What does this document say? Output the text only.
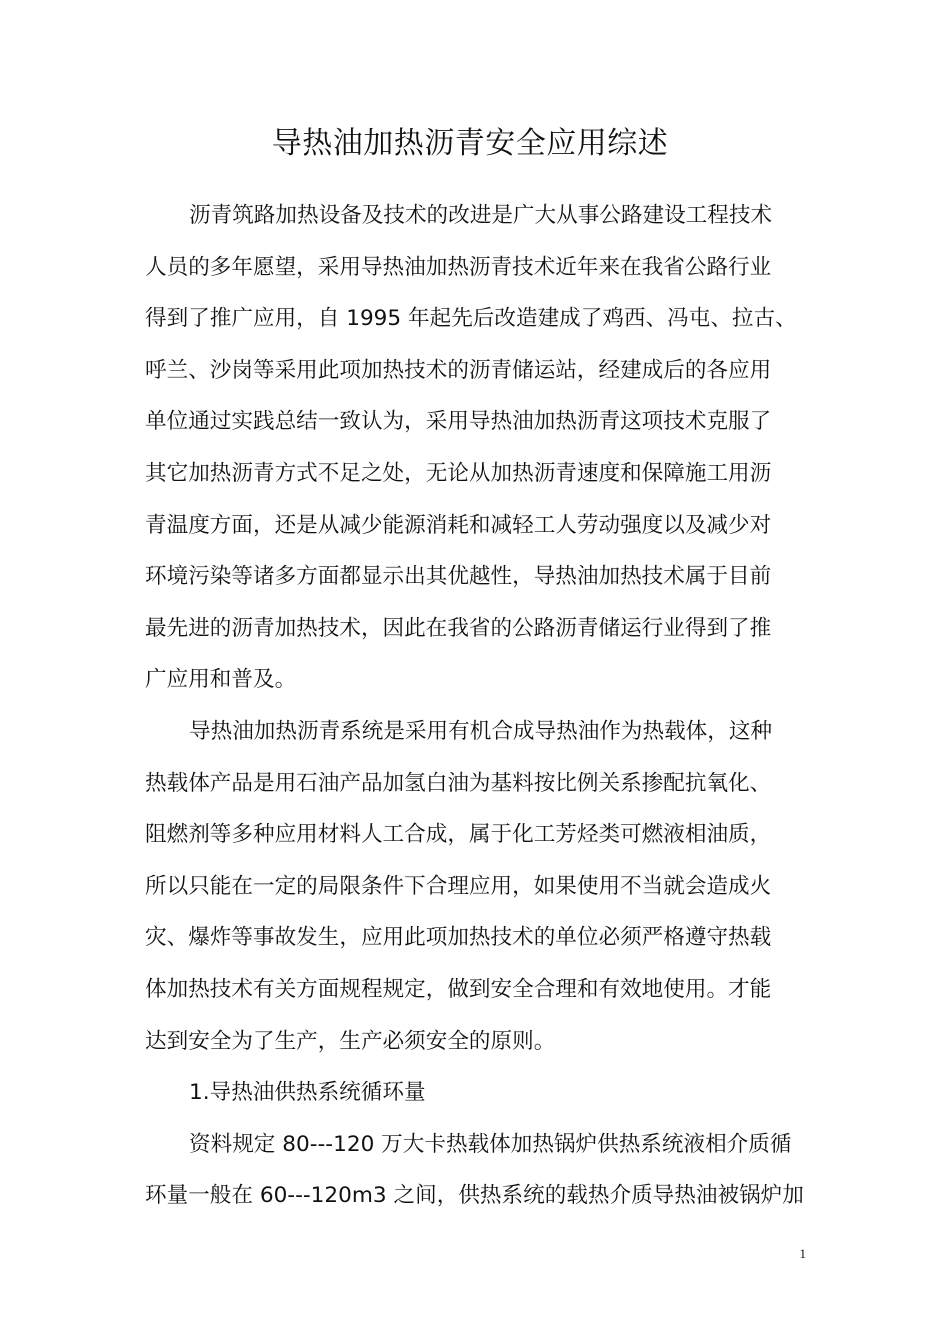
导热油加热沥青安全应用综述
沥青筑路加热设备及技术的改进是广大从事公路建设工程技术
人员的多年愿望，采用导热油加热沥青技术近年来在我省公路行业
得到了推广应用，自 1995 年起先后改造建成了鸡西、冯屯、拉古、
呼兰、沙岗等采用此项加热技术的沥青储运站，经建成后的各应用
单位通过实践总结一致认为，采用导热油加热沥青这项技术克服了
其它加热沥青方式不足之处，无论从加热沥青速度和保障施工用沥
青温度方面，还是从减少能源消耗和减轻工人劳动强度以及减少对
环境污染等诸多方面都显示出其优越性，导热油加热技术属于目前
最先进的沥青加热技术，因此在我省的公路沥青储运行业得到了推
广应用和普及。
导热油加热沥青系统是采用有机合成导热油作为热载体，这种
热载体产品是用石油产品加氢白油为基料按比例关系掺配抗氧化、
阻燃剂等多种应用材料人工合成，属于化工芳烃类可燃液相油质，
所以只能在一定的局限条件下合理应用，如果使用不当就会造成火
灾、爆炸等事故发生，应用此项加热技术的单位必须严格遵守热载
体加热技术有关方面规程规定，做到安全合理和有效地使用。才能
达到安全为了生产，生产必须安全的原则。
1.导热油供热系统循环量
资料规定 80---120 万大卡热载体加热锅炉供热系统液相介质循
环量一般在 60---120m3 之间，供热系统的载热介质导热油被锅炉加
1
